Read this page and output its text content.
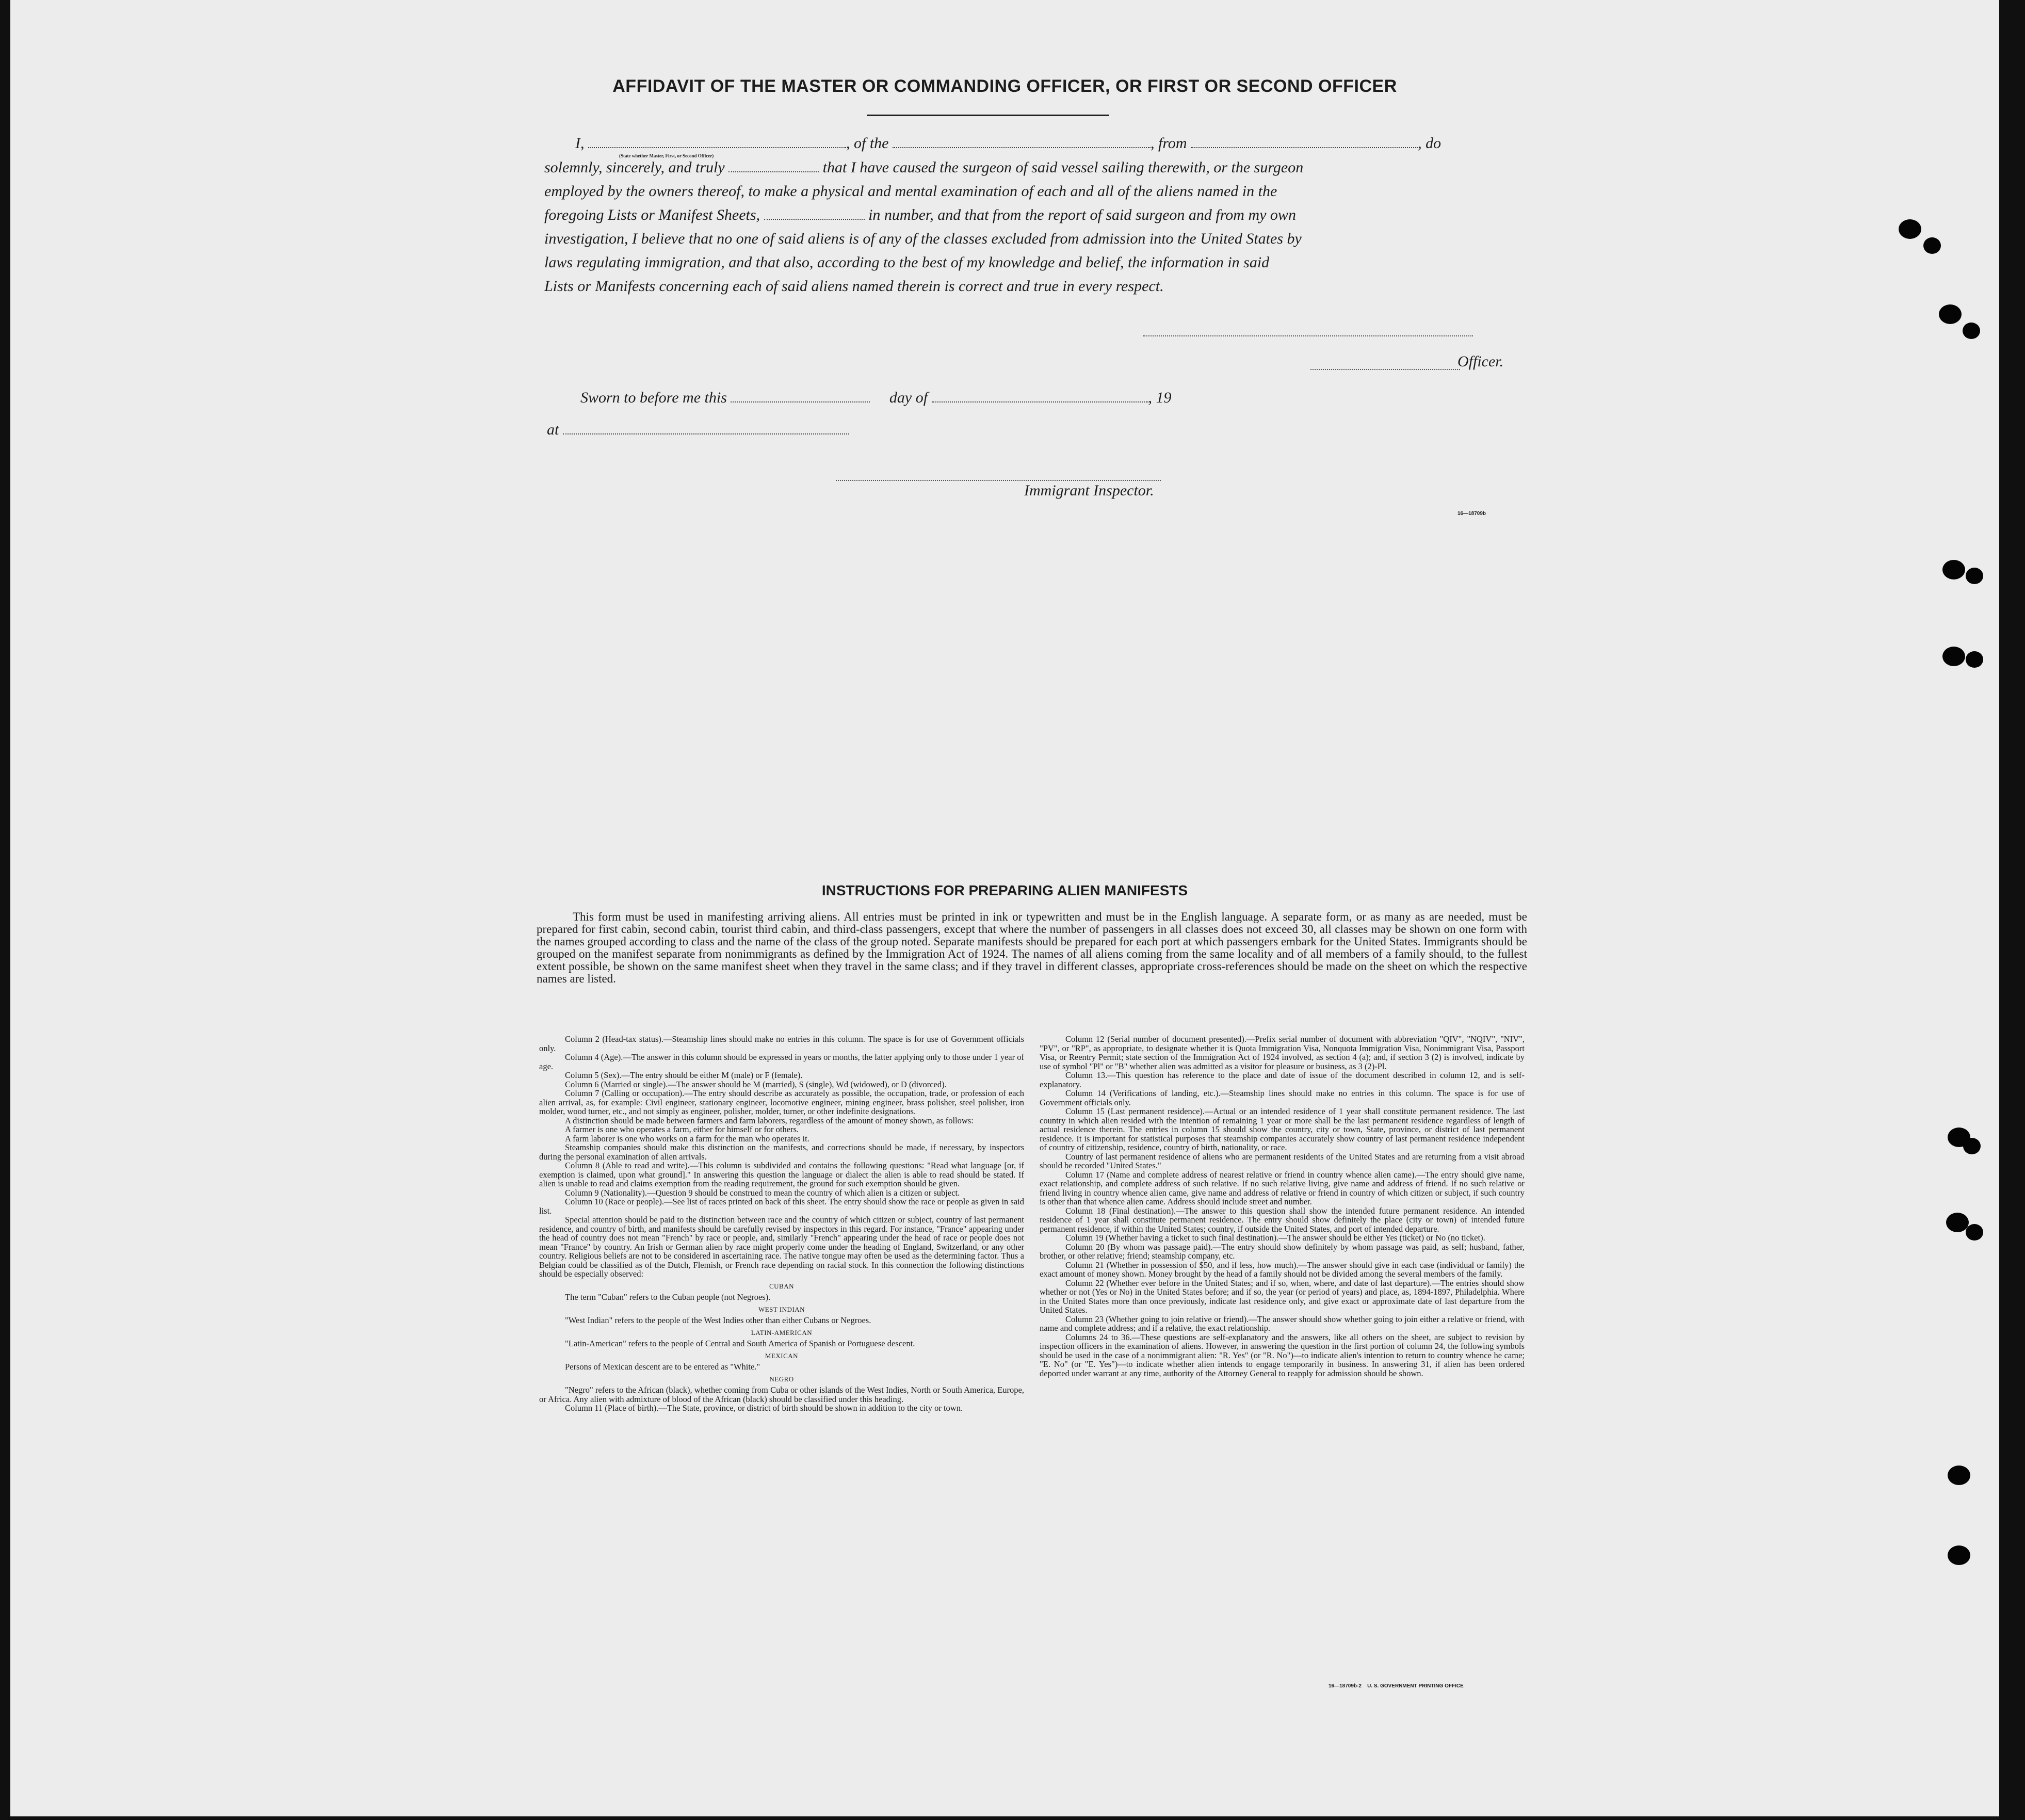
AFFIDAVIT OF THE MASTER OR COMMANDING OFFICER, OR FIRST OR SECOND OFFICER
I,	, of the	, from	, do
(State whether Master, First, or Second Officer)
solemnly, sincerely, and truly	that I have caused the surgeon of said vessel sailing therewith, or the surgeon
employed by the owners thereof, to make a physical and mental examination of each and all of the aliens named in the
foregoing Lists or Manifest Sheets,	in number, and that from the report of said surgeon and from my own
investigation, I believe that no one of said aliens is of any of the classes excluded from admission into the United States by
laws regulating immigration, and that also, according to the best of my knowledge and belief, the information in said
Lists or Manifests concerning each of said aliens named therein is correct and true in every respect.
Officer.
Sworn to before me this	day of	, 19
at
Immigrant Inspector.
16—18709b
INSTRUCTIONS FOR PREPARING ALIEN MANIFESTS
This form must be used in manifesting arriving aliens. All entries must be printed in ink or typewritten and must be in the English language. A separate form, or as many as are needed, must be prepared for first cabin, second cabin, tourist third cabin, and third-class passengers, except that where the number of passengers in all classes does not exceed 30, all classes may be shown on one form with the names grouped according to class and the name of the class of the group noted. Separate manifests should be prepared for each port at which passengers embark for the United States. Immigrants should be grouped on the manifest separate from nonimmigrants as defined by the Immigration Act of 1924. The names of all aliens coming from the same locality and of all members of a family should, to the fullest extent possible, be shown on the same manifest sheet when they travel in the same class; and if they travel in different classes, appropriate cross-references should be made on the sheet on which the respective names are listed.

Column 2 (Head-tax status).—Steamship lines should make no entries in this column. The space is for use of Government officials only.

Column 4 (Age).—The answer in this column should be expressed in years or months, the latter applying only to those under 1 year of age.

Column 5 (Sex).—The entry should be either M (male) or F (female).

Column 6 (Married or single).—The answer should be M (married), S (single), Wd (widowed), or D (divorced).

Column 7 (Calling or occupation).—The entry should describe as accurately as possible, the occupation, trade, or profession of each alien arrival, as, for example: Civil engineer, stationary engineer, locomotive engineer, mining engineer, brass polisher, steel polisher, iron molder, wood turner, etc., and not simply as engineer, polisher, molder, turner, or other indefinite designations.

A distinction should be made between farmers and farm laborers, regardless of the amount of money shown, as follows:

A farmer is one who operates a farm, either for himself or for others.

A farm laborer is one who works on a farm for the man who operates it.

Steamship companies should make this distinction on the manifests, and corrections should be made, if necessary, by inspectors during the personal examination of alien arrivals.

Column 8 (Able to read and write).—This column is subdivided and contains the following questions: "Read what language [or, if exemption is claimed, upon what ground]." In answering this question the language or dialect the alien is able to read should be stated. If alien is unable to read and claims exemption from the reading requirement, the ground for such exemption should be given.

Column 9 (Nationality).—Question 9 should be construed to mean the country of which alien is a citizen or subject.

Column 10 (Race or people).—See list of races printed on back of this sheet. The entry should show the race or people as given in said list.

Special attention should be paid to the distinction between race and the country of which citizen or subject, country of last permanent residence, and country of birth, and manifests should be carefully revised by inspectors in this regard. For instance, "France" appearing under the head of country does not mean "French" by race or people, and, similarly "French" appearing under the head of race or people does not mean "France" by country. An Irish or German alien by race might properly come under the heading of England, Switzerland, or any other country. Religious beliefs are not to be considered in ascertaining race. The native tongue may often be used as the determining factor. Thus a Belgian could be classified as of the Dutch, Flemish, or French race depending on racial stock. In this connection the following distinctions should be especially observed:

CUBAN

The term "Cuban" refers to the Cuban people (not Negroes).

WEST INDIAN

"West Indian" refers to the people of the West Indies other than either Cubans or Negroes.

LATIN-AMERICAN

"Latin-American" refers to the people of Central and South America of Spanish or Portuguese descent.

MEXICAN

Persons of Mexican descent are to be entered as "White."

NEGRO

"Negro" refers to the African (black), whether coming from Cuba or other islands of the West Indies, North or South America, Europe, or Africa. Any alien with admixture of blood of the African (black) should be classified under this heading.

Column 11 (Place of birth).—The State, province, or district of birth should be shown in addition to the city or town.

Column 12 (Serial number of document presented).—Prefix serial number of document with abbreviation "QIV", "NQIV", "NIV", "PV", or "RP", as appropriate, to designate whether it is Quota Immigration Visa, Nonquota Immigration Visa, Nonimmigrant Visa, Passport Visa, or Reentry Permit; state section of the Immigration Act of 1924 involved, as section 4 (a); and, if section 3 (2) is involved, indicate by use of symbol "Pl" or "B" whether alien was admitted as a visitor for pleasure or business, as 3 (2)-Pl.

Column 13.—This question has reference to the place and date of issue of the document described in column 12, and is self-explanatory.

Column 14 (Verifications of landing, etc.).—Steamship lines should make no entries in this column. The space is for use of Government officials only.

Column 15 (Last permanent residence).—Actual or an intended residence of 1 year shall constitute permanent residence. The last country in which alien resided with the intention of remaining 1 year or more shall be the last permanent residence regardless of length of actual residence therein. The entries in column 15 should show the country, city or town, State, province, or district of last permanent residence. It is important for statistical purposes that steamship companies accurately show country of last permanent residence independent of country of citizenship, residence, country of birth, nationality, or race.

Country of last permanent residence of aliens who are permanent residents of the United States and are returning from a visit abroad should be recorded "United States."

Column 17 (Name and complete address of nearest relative or friend in country whence alien came).—The entry should give name, exact relationship, and complete address of such relative. If no such relative living, give name and address of friend. If no such relative or friend living in country whence alien came, give name and address of relative or friend in country of which citizen or subject, if such country is other than that whence alien came. Address should include street and number.

Column 18 (Final destination).—The answer to this question shall show the intended future permanent residence. An intended residence of 1 year shall constitute permanent residence. The entry should show definitely the place (city or town) of intended future permanent residence, if within the United States; country, if outside the United States, and port of intended departure.

Column 19 (Whether having a ticket to such final destination).—The answer should be either Yes (ticket) or No (no ticket).

Column 20 (By whom was passage paid).—The entry should show definitely by whom passage was paid, as self; husband, father, brother, or other relative; friend; steamship company, etc.

Column 21 (Whether in possession of $50, and if less, how much).—The answer should give in each case (individual or family) the exact amount of money shown. Money brought by the head of a family should not be divided among the several members of the family.

Column 22 (Whether ever before in the United States; and if so, when, where, and date of last departure).—The entries should show whether or not (Yes or No) in the United States before; and if so, the year (or period of years) and place, as, 1894-1897, Philadelphia. Where in the United States more than once previously, indicate last residence only, and give exact or approximate date of last departure from the United States.

Column 23 (Whether going to join relative or friend).—The answer should show whether going to join either a relative or friend, with name and complete address; and if a relative, the exact relationship.

Columns 24 to 36.—These questions are self-explanatory and the answers, like all others on the sheet, are subject to revision by inspection officers in the examination of aliens. However, in answering the question in the first portion of column 24, the following symbols should be used in the case of a nonimmigrant alien: "R. Yes" (or "R. No")—to indicate alien's intention to return to country whence he came; "E. No" (or "E. Yes")—to indicate whether alien intends to engage temporarily in business. In answering 31, if alien has been ordered deported under warrant at any time, authority of the Attorney General to reapply for admission should be shown.

16—18709b-2 U. S. GOVERNMENT PRINTING OFFICE
